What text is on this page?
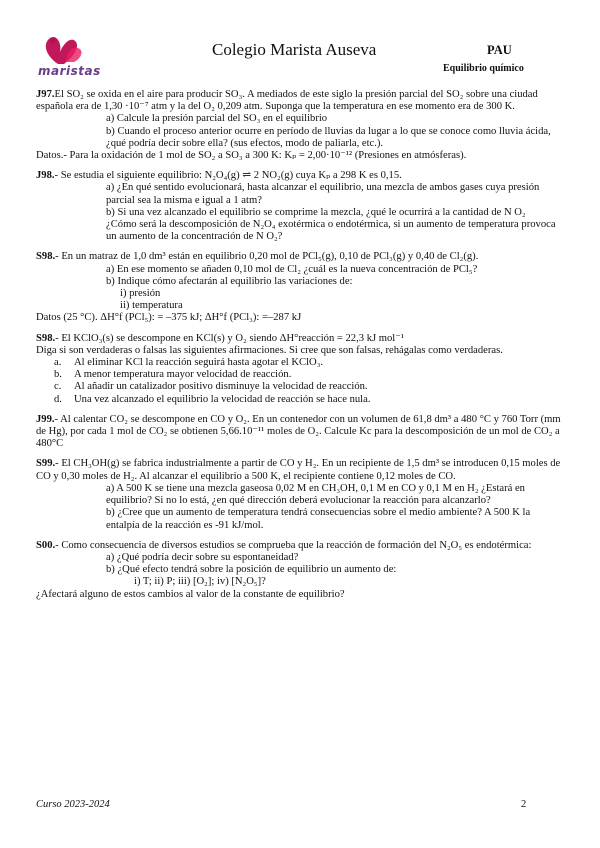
maristas
Colegio Marista Auseva	PAU
Equilibrio químico

J97.El SO₂ se oxida en el aire para producir SO₃. A mediados de este siglo la presión parcial del SO₂ sobre una ciudad española era de 1,30 ·10⁻⁷ atm y la del O₂ 0,209 atm. Suponga que la temperatura en ese momento era de 300 K.

a) Calcule la presión parcial del SO₃ en el equilibrio

b) Cuando el proceso anterior ocurre en período de lluvias da lugar a lo que se conoce como lluvia ácida, ¿qué podría decir sobre ella? (sus efectos, modo de paliarla, etc.).

Datos.- Para la oxidación de 1 mol de SO₂ a SO₃ a 300 K: Kₚ = 2,00·10⁻¹² (Presiones en atmósferas).

J98.- Se estudia el siguiente equilibrio: N₂O₄(g) ⇌ 2 NO₂(g) cuya Kₚ a 298 K es 0,15.

a) ¿En qué sentido evolucionará, hasta alcanzar el equilibrio, una mezcla de ambos gases cuya presión parcial sea la misma e igual a 1 atm?

b) Si una vez alcanzado el equilibrio se comprime la mezcla, ¿qué le ocurrirá a la cantidad de N O₂

¿Cómo será la descomposición de N₂O₄ exotérmica o endotérmica, si un aumento de temperatura provoca un aumento de la concentración de N O₂?

S98.- En un matraz de 1,0 dm³ están en equilibrio 0,20 mol de PCl₅(g), 0,10 de PCl₃(g) y 0,40 de Cl₂(g).

a) En ese momento se añaden 0,10 mol de Cl₂ ¿cuál es la nueva concentración de PCl₅?

b) Indique cómo afectarán al equilibrio las variaciones de:

i) presión

ii) temperatura

Datos (25 °C). ΔH°f (PCl₅): = –375 kJ; ΔH°f (PCl₃): =–287 kJ

S98.- El KClO₃(s) se descompone en KCl(s) y O₂ siendo ΔH°reacción = 22,3 kJ mol⁻¹

Diga si son verdaderas o falsas las siguientes afirmaciones. Si cree que son falsas, rehágalas como verdaderas.

a. Al eliminar KCl la reacción seguirá hasta agotar el KClO₃.
b. A menor temperatura mayor velocidad de reacción.
c. Al añadir un catalizador positivo disminuye la velocidad de reacción.
d. Una vez alcanzado el equilibrio la velocidad de reacción se hace nula.

J99.- Al calentar CO₂ se descompone en CO y O₂. En un contenedor con un volumen de 61,8 dm³ a 480 °C y 760 Torr (mm de Hg), por cada 1 mol de CO₂ se obtienen 5,66.10⁻¹¹ moles de O₂. Calcule Kc para la descomposición de un mol de CO₂ a 480°C

S99.- El CH₃OH(g) se fabrica industrialmente a partir de CO y H₂. En un recipiente de 1,5 dm³ se introducen 0,15 moles de CO y 0,30 moles de H₂. Al alcanzar el equilibrio a 500 K, el recipiente contiene 0,12 moles de CO.

a) A 500 K se tiene una mezcla gaseosa 0,02 M en CH₃OH, 0,1 M en CO y 0,1 M en H₂ ¿Estará en equilibrio? Si no lo está, ¿en qué dirección deberá evolucionar la reacción para alcanzarlo?

b) ¿Cree que un aumento de temperatura tendrá consecuencias sobre el medio ambiente? A 500 K la entalpía de la reacción es -91 kJ/mol.

S00.- Como consecuencia de diversos estudios se comprueba que la reacción de formación del N₂O₅ es endotérmica:

a) ¿Qué podría decir sobre su espontaneidad?

b) ¿Qué efecto tendrá sobre la posición de equilibrio un aumento de:

i) T; ii) P; iii) [O₂]; iv) [N₂O₅]?

¿Afectará alguno de estos cambios al valor de la constante de equilibrio?

Curso 2023-2024	2
